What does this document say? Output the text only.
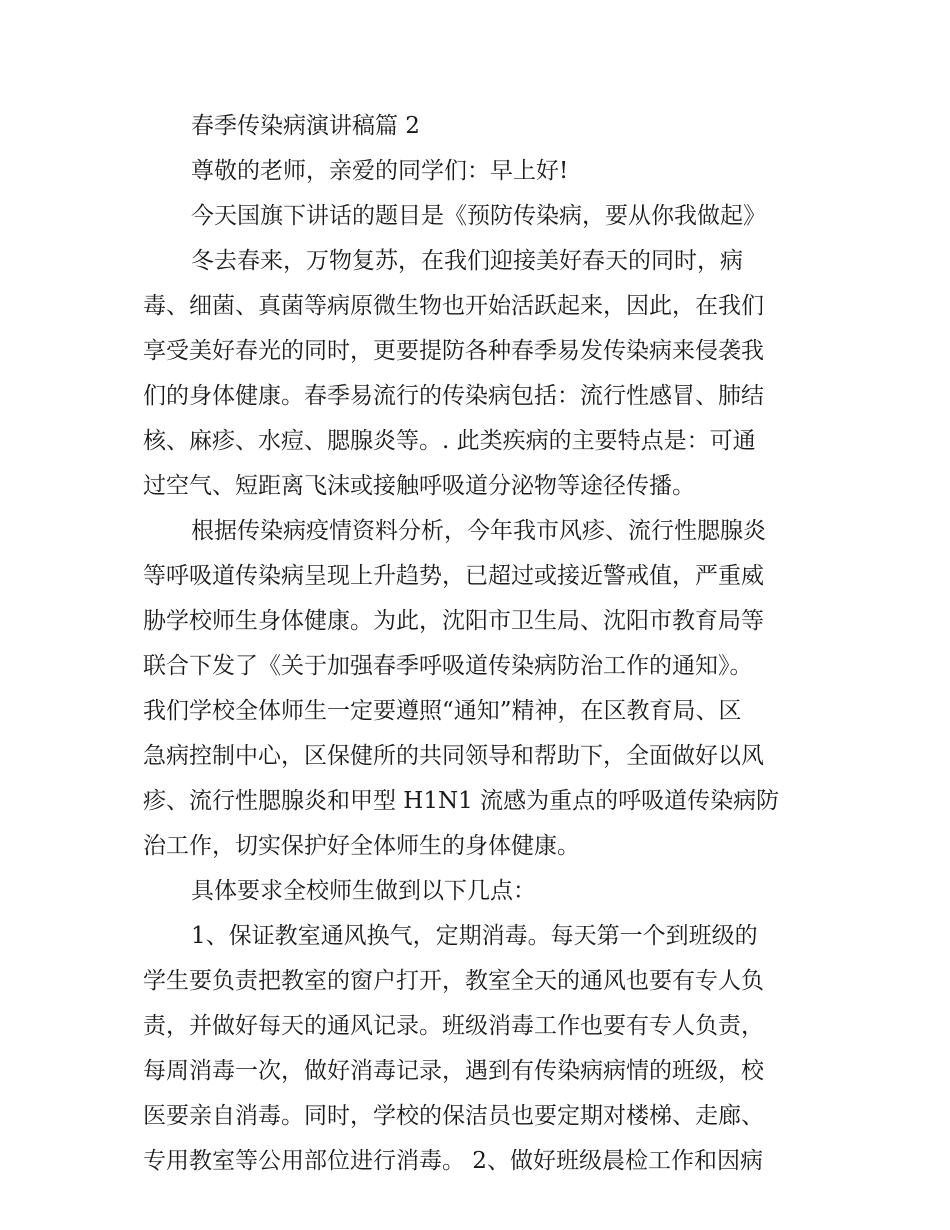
春季传染病演讲稿篇 2
尊敬的老师，亲爱的同学们：早上好!
今天国旗下讲话的题目是《预防传染病，要从你我做起》
冬去春来，万物复苏，在我们迎接美好春天的同时，病
毒、细菌、真菌等病原微生物也开始活跃起来，因此，在我们
享受美好春光的同时，更要提防各种春季易发传染病来侵袭我
们的身体健康。春季易流行的传染病包括：流行性感冒、肺结
核、麻疹、水痘、腮腺炎等。. 此类疾病的主要特点是：可通
过空气、短距离飞沫或接触呼吸道分泌物等途径传播。
根据传染病疫情资料分析，今年我市风疹、流行性腮腺炎
等呼吸道传染病呈现上升趋势，已超过或接近警戒值，严重威
胁学校师生身体健康。为此，沈阳市卫生局、沈阳市教育局等
联合下发了《关于加强春季呼吸道传染病防治工作的通知》。
我们学校全体师生一定要遵照“通知”精神，在区教育局、区
急病控制中心，区保健所的共同领导和帮助下，全面做好以风
疹、流行性腮腺炎和甲型 H1N1 流感为重点的呼吸道传染病防
治工作，切实保护好全体师生的身体健康。
具体要求全校师生做到以下几点：
1、保证教室通风换气，定期消毒。每天第一个到班级的
学生要负责把教室的窗户打开，教室全天的通风也要有专人负
责，并做好每天的通风记录。班级消毒工作也要有专人负责，
每周消毒一次，做好消毒记录，遇到有传染病病情的班级，校
医要亲自消毒。同时，学校的保洁员也要定期对楼梯、走廊、
专用教室等公用部位进行消毒。 2、做好班级晨检工作和因病
